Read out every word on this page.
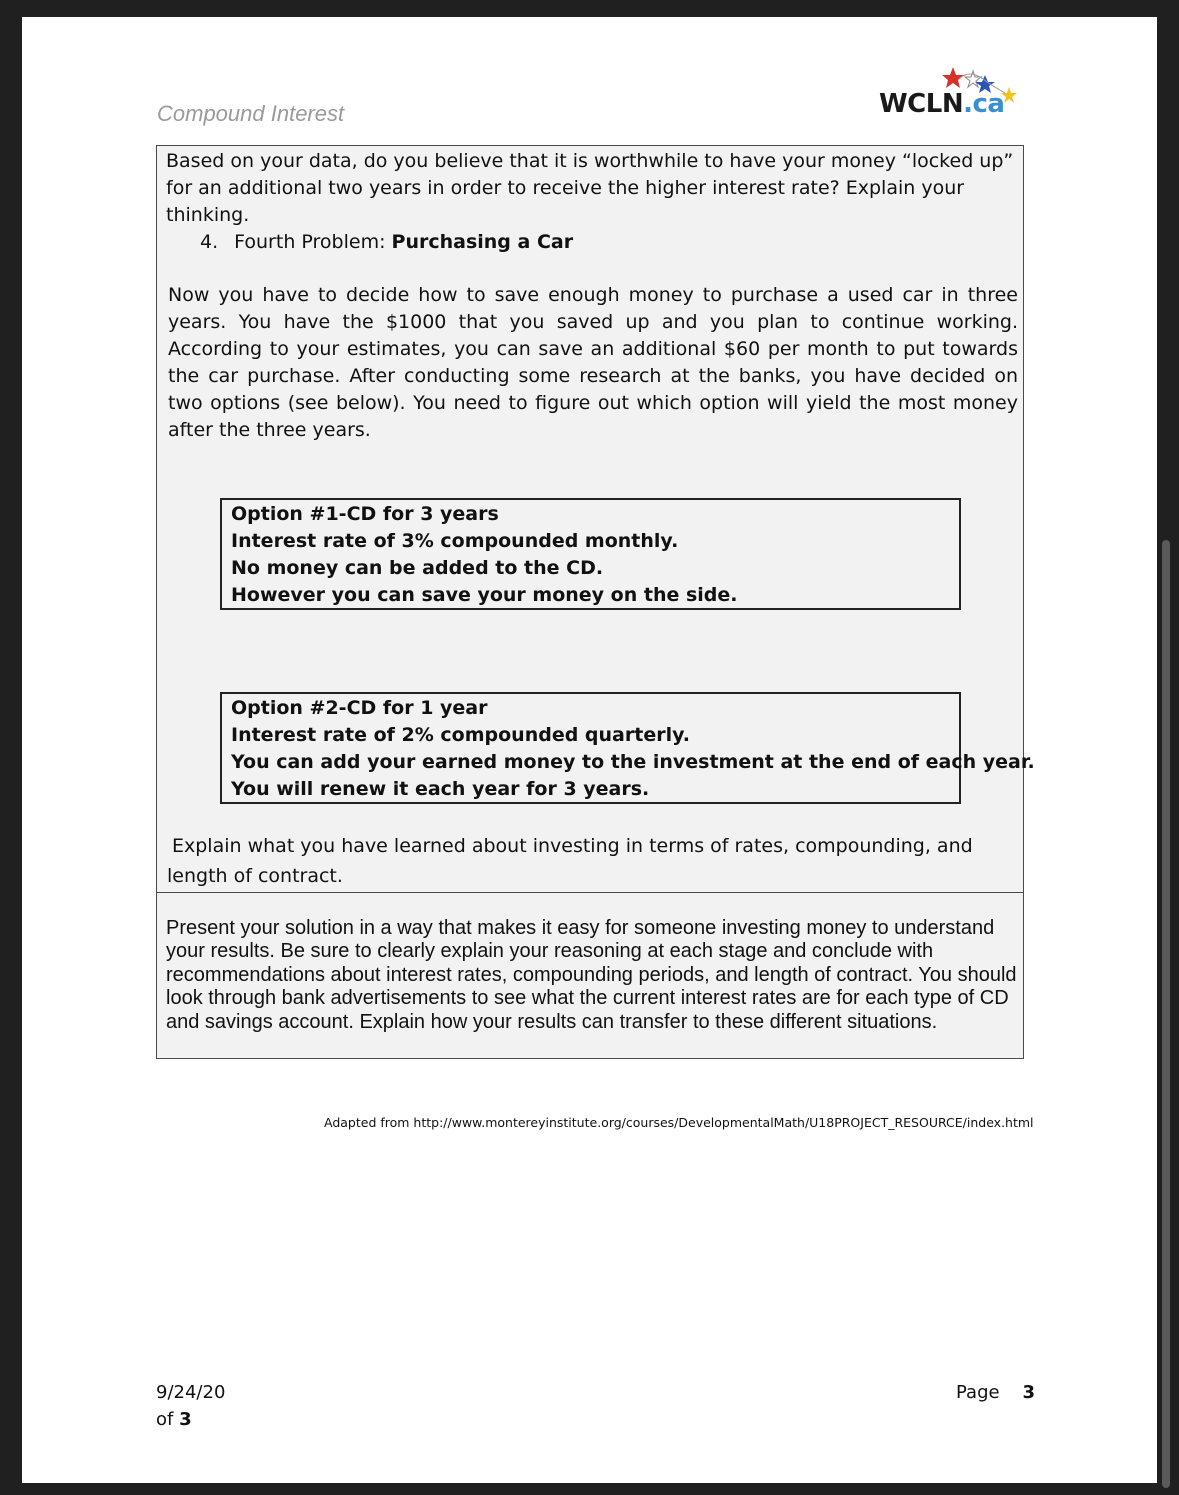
Compound Interest	WCLN.ca
Based on your data, do you believe that it is worthwhile to have your money “locked up” for an additional two years in order to receive the higher interest rate? Explain your thinking.
4. Fourth Problem: Purchasing a Car
Now you have to decide how to save enough money to purchase a used car in three years. You have the $1000 that you saved up and you plan to continue working. According to your estimates, you can save an additional $60 per month to put towards the car purchase. After conducting some research at the banks, you have decided on two options (see below). You need to figure out which option will yield the most money after the three years.
Option #1-CD for 3 years
Interest rate of 3% compounded monthly.
No money can be added to the CD.
However you can save your money on the side.
Option #2-CD for 1 year
Interest rate of 2% compounded quarterly.
You can add your earned money to the investment at the end of each year.
You will renew it each year for 3 years.
Explain what you have learned about investing in terms of rates, compounding, and length of contract.
Present your solution in a way that makes it easy for someone investing money to understand your results. Be sure to clearly explain your reasoning at each stage and conclude with recommendations about interest rates, compounding periods, and length of contract. You should look through bank advertisements to see what the current interest rates are for each type of CD and savings account. Explain how your results can transfer to these different situations.
Adapted from http://www.montereyinstitute.org/courses/DevelopmentalMath/U18PROJECT_RESOURCE/index.html
9/24/20
of 3
Page 3
